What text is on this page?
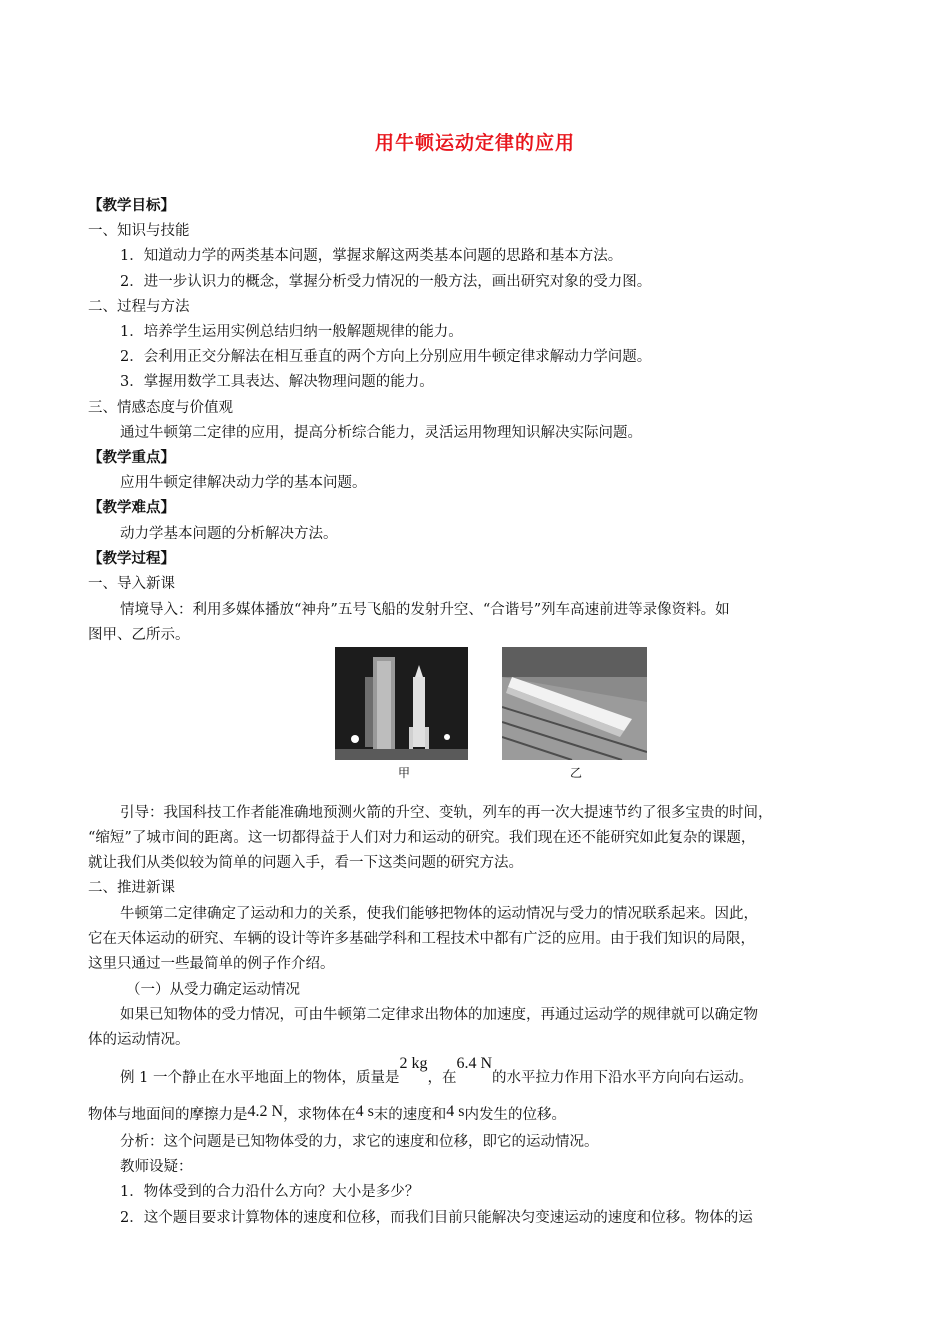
用牛顿运动定律的应用
【教学目标】
一、知识与技能
1．知道动力学的两类基本问题，掌握求解这两类基本问题的思路和基本方法。
2．进一步认识力的概念，掌握分析受力情况的一般方法，画出研究对象的受力图。
二、过程与方法
1．培养学生运用实例总结归纳一般解题规律的能力。
2．会利用正交分解法在相互垂直的两个方向上分别应用牛顿定律求解动力学问题。
3．掌握用数学工具表达、解决物理问题的能力。
三、情感态度与价值观
通过牛顿第二定律的应用，提高分析综合能力，灵活运用物理知识解决实际问题。
【教学重点】
应用牛顿定律解决动力学的基本问题。
【教学难点】
动力学基本问题的分析解决方法。
【教学过程】
一、导入新课
情境导入：利用多媒体播放“神舟”五号飞船的发射升空、“合谐号”列车高速前进等录像资料。如
图甲、乙所示。
甲	乙
引导：我国科技工作者能准确地预测火箭的升空、变轨，列车的再一次大提速节约了很多宝贵的时间，
“缩短”了城市间的距离。这一切都得益于人们对力和运动的研究。我们现在还不能研究如此复杂的课题，
就让我们从类似较为简单的问题入手，看一下这类问题的研究方法。
二、推进新课
牛顿第二定律确定了运动和力的关系，使我们能够把物体的运动情况与受力的情况联系起来。因此，
它在天体运动的研究、车辆的设计等许多基础学科和工程技术中都有广泛的应用。由于我们知识的局限，
这里只通过一些最简单的例子作介绍。
（一）从受力确定运动情况
如果已知物体的受力情况，可由牛顿第二定律求出物体的加速度，再通过运动学的规律就可以确定物
体的运动情况。
例 1 一个静止在水平地面上的物体，质量是2 kg，在6.4 N的水平拉力作用下沿水平方向向右运动。
物体与地面间的摩擦力是4.2 N，求物体在4 s末的速度和4 s内发生的位移。
分析：这个问题是已知物体受的力，求它的速度和位移，即它的运动情况。
教师设疑：
1．物体受到的合力沿什么方向？大小是多少？
2．这个题目要求计算物体的速度和位移，而我们目前只能解决匀变速运动的速度和位移。物体的运
